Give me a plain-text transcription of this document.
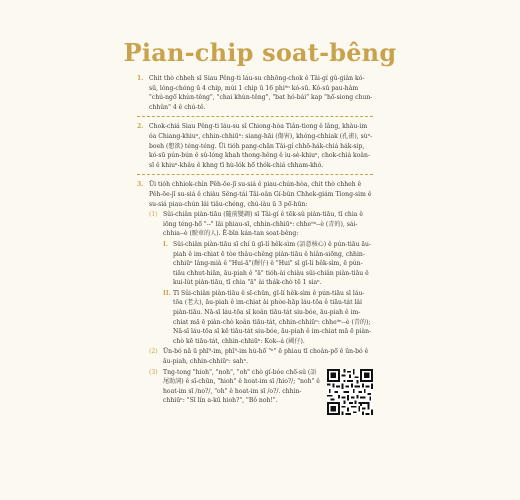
Pian-chip soat-bêng
1. Chit thò chheh sī Siau Pêng-ti láu-su chhōng-chok ê Tâi-gí gû-giân kó-sū, lóng-chóng ū 4 chip, múi 1 chip ū 16 phi⁹ⁿ kó-sū. Kó-sū pau-hâm "chú-ngō͘ khùn-têng", "chai khùn-têng", "bat hó-bái" kap "hō͘-siong chun-chhûn" 4 ê chú-tê.
2. Chok-chiá Siau Pêng-ti láu-su sī Chiong-hòa Tiân-tiong ê lâng, khàu-im óa Chiang-khiuⁿ, chhin-chhiūⁿ: siang-hāi (傷害), khóng-chhiak (孔雀), sùⁿ-boeh (想欲) téng-téng. Ūi tióh pang-chān Tâi-gí chhō-hák-chiá hák-sip, kó-sū pún-bún ê sû-lóng khah thong-hêng ê iu-sè-khiuⁿ, chok-chiá koân-sī ê khiuⁿ-khâu ê khng tī hù-lók hō͘ thók-chiá chham-khó.
3. Ūi tióh chhiok-chìn Pêh-ōe-jī su-siá ê piau-chún-hòa, chit thò chheh ê Pêh-ōe-jī su-siá ê chiàu Sêng-tái Tâi-oân Gí-bûn Chhek-giám Tiong-sim ê su-siá piau-chún lái tiâu-chéng, chú-iàu ū 3 pō͘-hūn:
(1) Sûi-chiân piàn-tiāu (隨前變調) sī Tâi-gí ê tēk-sû piàn-tiāu, tī chia ê iōng téng-hō͘ "--" lâi phiau-sī, chhin-chhiūⁿ: chhe⁹ⁿ--è (青的), sái-chhia--è (駛車的人). Ē-bīn kán-tan soat-bêng:
I. Sûi-chiân piàn-tiāu sī chí ū gī-lí hêk-sìm (語意核心) ê pún-tiāu āu-piah ê im-chiat ē tòe thâu-chêng piàn-tiāu ê hiân-siōng, chhin-chhiūⁿ lâng-mià ê "Hui-ā"(輝仔) ê "Hui" sī gī-lí hêk-sìm, ē pún-tiāu chhut-hiān, āu-piah ê "ā" tióh-ài chiàu sûi-chiân piàn-tiāu ê kui-lùt piàn-tiāu, tī chia "ā" ài thák-chò tē 1 siaⁿ.
II. Tī Sûi-chiân piàn-tiāu ê sî-chūn, gī-lí hêk-sìm ê pún-tiāu sī láu-tōa (老大), āu-piah ê im-chiat ài phòe-hāp láu-tōa ê tiāu-tát lâi piàn-tiāu. Nā-sī láu-tōa sī koân tiāu-tát siu-bóe, āu-piah ê im-chiat mā ē piàn-chò koân tiāu-tát, chhin-chhiūⁿ: chhe⁹ⁿ--è (青的); Nā-sī láu-tōa sī kē tiāu-tát siu-bóe, āu-piah ê im-chiat mā ē piàn-chò kē tiāu-tát, chhin-chhiūⁿ: Kok--á (國仔).
(2) Ūn-bó nā ū phī⁹-im, phī⁹-im hù-hō͘ "ⁿ" ē phiau tī choân-pō͘ ê ūn-bó ê āu-piah, chhin-chhiūⁿ: sahⁿ.
(3) Tng-tong "hioh", "noh", "oh" chò gí-bóe chō͘-sû (語尾助詞) ê sî-chūn, "hioh" ê hoat-im sī /hio?/; "noh" ê hoat-im sī /no?/, "oh" ê hoat-im sī /o?/. chhin-chhiūⁿ: "Sī lín a-kū hioh?", "Bô noh!".
